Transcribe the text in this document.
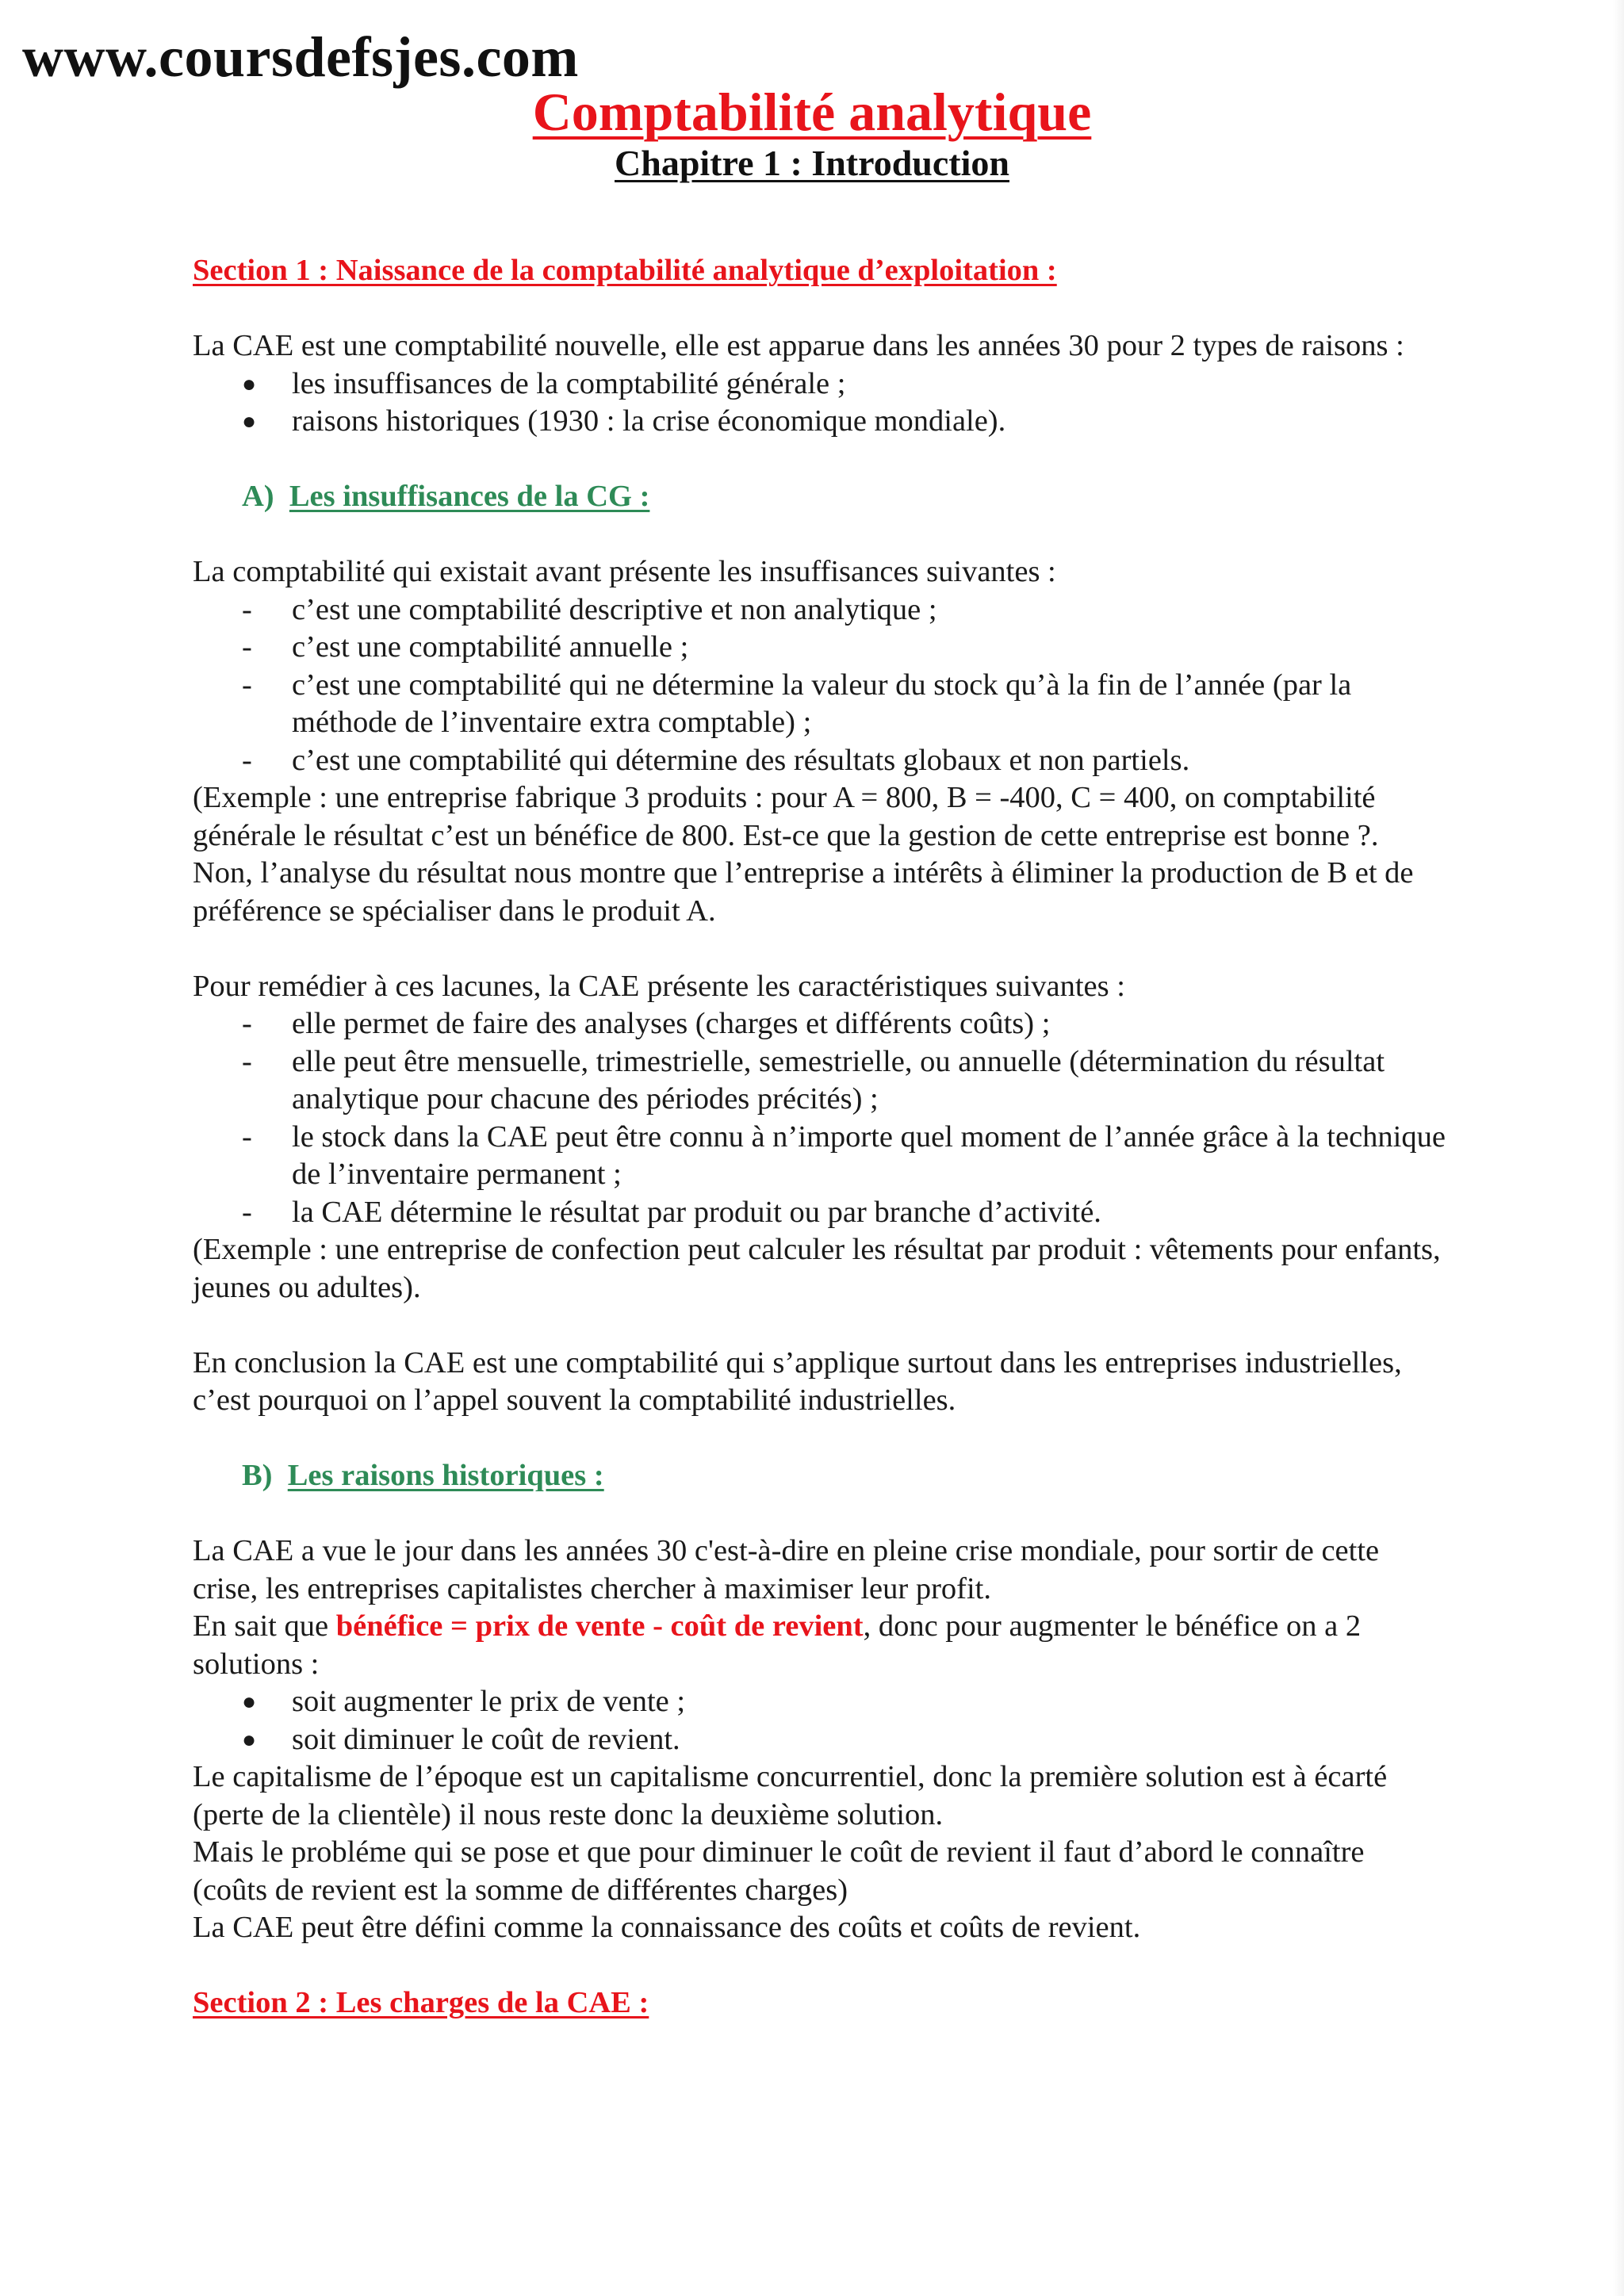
www.coursdefsjes.com

Comptabilité analytique
Chapitre 1 : Introduction

Section 1 : Naissance de la comptabilité analytique d’exploitation :

La CAE est une comptabilité nouvelle, elle est apparue dans les années 30 pour 2 types de raisons :

● les insuffisances de la comptabilité générale ;
● raisons historiques (1930 : la crise économique mondiale).

A) Les insuffisances de la CG :

La comptabilité qui existait avant présente les insuffisances suivantes :

- c’est une comptabilité descriptive et non analytique ;
- c’est une comptabilité annuelle ;
- c’est une comptabilité qui ne détermine la valeur du stock qu’à la fin de l’année (par la méthode de l’inventaire extra comptable) ;
- c’est une comptabilité qui détermine des résultats globaux et non partiels.

(Exemple : une entreprise fabrique 3 produits : pour A = 800, B = -400, C = 400, on comptabilité générale le résultat c’est un bénéfice de 800. Est-ce que la gestion de cette entreprise est bonne ?. Non, l’analyse du résultat nous montre que l’entreprise a intérêts à éliminer la production de B et de préférence se spécialiser dans le produit A.

Pour remédier à ces lacunes, la CAE présente les caractéristiques suivantes :

- elle permet de faire des analyses (charges et différents coûts) ;
- elle peut être mensuelle, trimestrielle, semestrielle, ou annuelle (détermination du résultat analytique pour chacune des périodes précités) ;
- le stock dans la CAE peut être connu à n’importe quel moment de l’année grâce à la technique de l’inventaire permanent ;
- la CAE détermine le résultat par produit ou par branche d’activité.

(Exemple : une entreprise de confection peut calculer les résultat par produit : vêtements pour enfants, jeunes ou adultes).

En conclusion la CAE est une comptabilité qui s’applique surtout dans les entreprises industrielles, c’est pourquoi on l’appel souvent la comptabilité industrielles.

B) Les raisons historiques :

La CAE a vue le jour dans les années 30 c'est-à-dire en pleine crise mondiale, pour sortir de cette crise, les entreprises capitalistes chercher à maximiser leur profit.

En sait que bénéfice = prix de vente - coût de revient, donc pour augmenter le bénéfice on a 2 solutions :

● soit augmenter le prix de vente ;
● soit diminuer le coût de revient.

Le capitalisme de l’époque est un capitalisme concurrentiel, donc la première solution est à écarté (perte de la clientèle) il nous reste donc la deuxième solution.

Mais le probléme qui se pose et que pour diminuer le coût de revient il faut d’abord le connaître (coûts de revient est la somme de différentes charges)

La CAE peut être défini comme la connaissance des coûts et coûts de revient.

Section 2 : Les charges de la CAE :
